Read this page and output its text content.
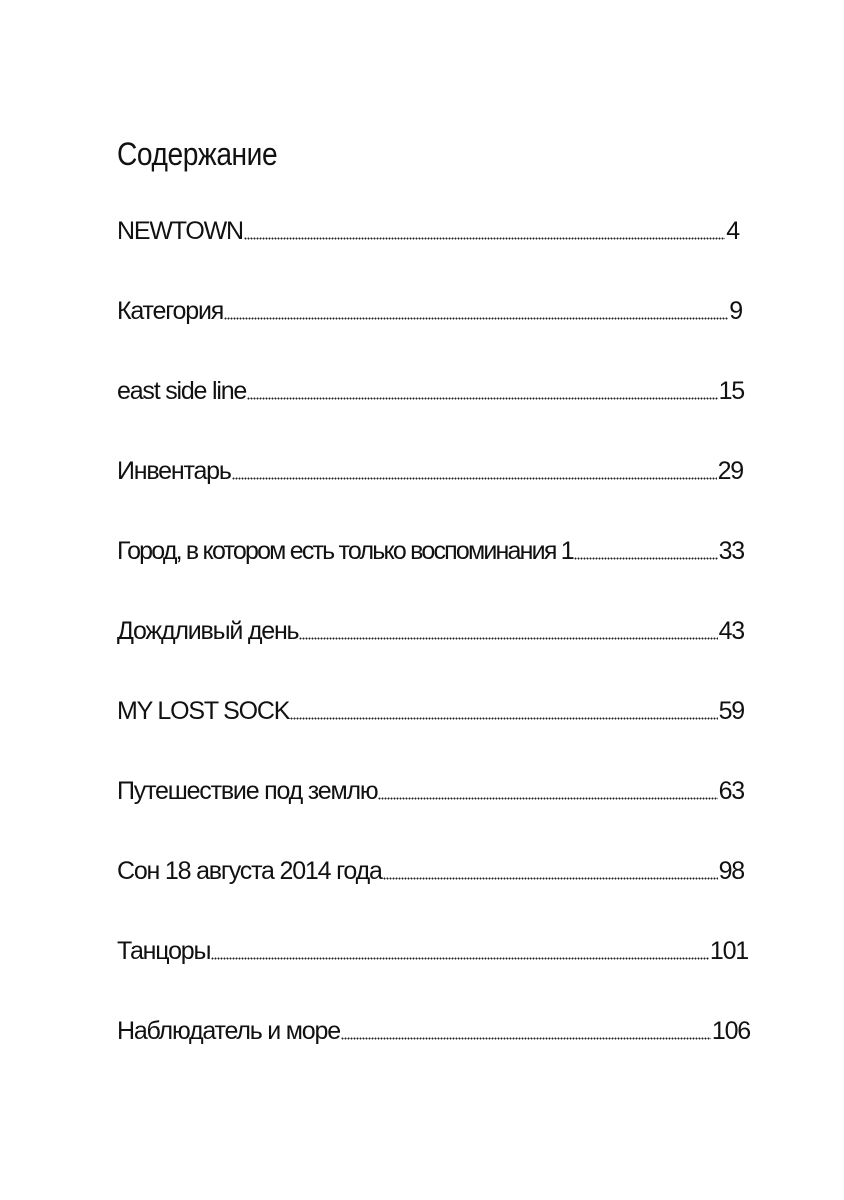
Содержание
NEWTOWN	4
Категория	9
east side line	15
Инвентарь	29
Город, в котором есть только воспоминания 1	33
Дождливый день	43
MY LOST SOCK	59
Путешествие под землю	63
Сон 18 августа 2014 года	98
Танцоры	101
Наблюдатель и море	106
